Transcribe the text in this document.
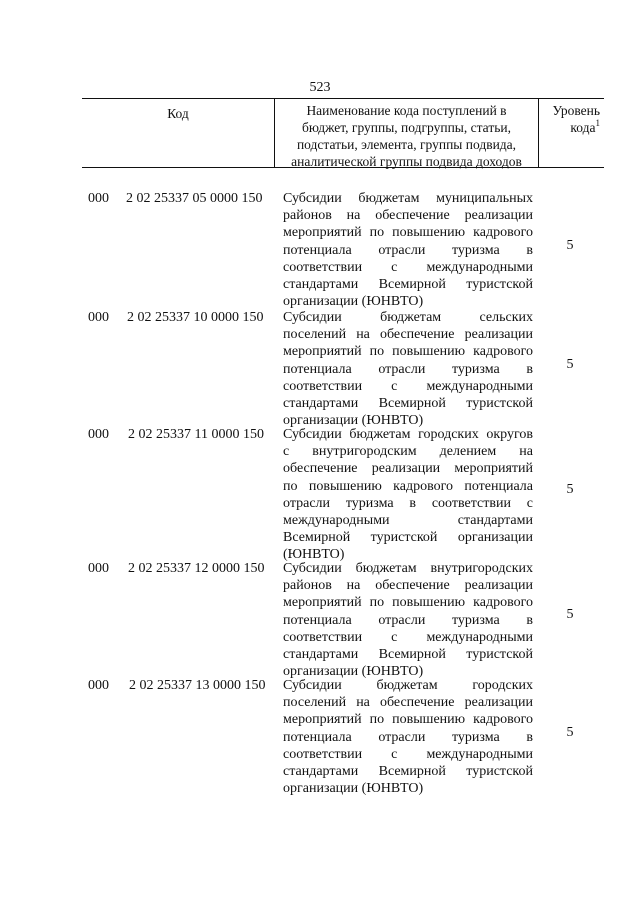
523
Код	Наименование кода поступлений в
бюджет, группы, подгруппы, статьи,
подстатьи, элемента, группы подвида,
аналитической группы подвида доходов
Уровень
кода$^1$
000 2 02 25337 05 0000 150 Субсидии бюджетам муниципальных
районов на обеспечение реализации
мероприятий по повышению кадрового
потенциала отрасли туризма в
соответствии с международными
стандартами Всемирной туристской
организации (ЮНВТО)
5
000 2 02 25337 10 0000 150 Субсидии бюджетам сельских
поселений на обеспечение реализации
мероприятий по повышению кадрового
потенциала отрасли туризма в
соответствии с международными
стандартами Всемирной туристской
организации (ЮНВТО)
5
000 2 02 25337 11 0000 150 Субсидии бюджетам городских округов
с внутригородским делением на
обеспечение реализации мероприятий
по повышению кадрового потенциала
отрасли туризма в соответствии с
международными стандартами
Всемирной туристской организации
(ЮНВТО)
5
000 2 02 25337 12 0000 150 Субсидии бюджетам внутригородских
районов на обеспечение реализации
мероприятий по повышению кадрового
потенциала отрасли туризма в
соответствии с международными
стандартами Всемирной туристской
организации (ЮНВТО)
5
000 2 02 25337 13 0000 150 Субсидии бюджетам городских
поселений на обеспечение реализации
мероприятий по повышению кадрового
потенциала отрасли туризма в
соответствии с международными
стандартами Всемирной туристской
организации (ЮНВТО)
5
